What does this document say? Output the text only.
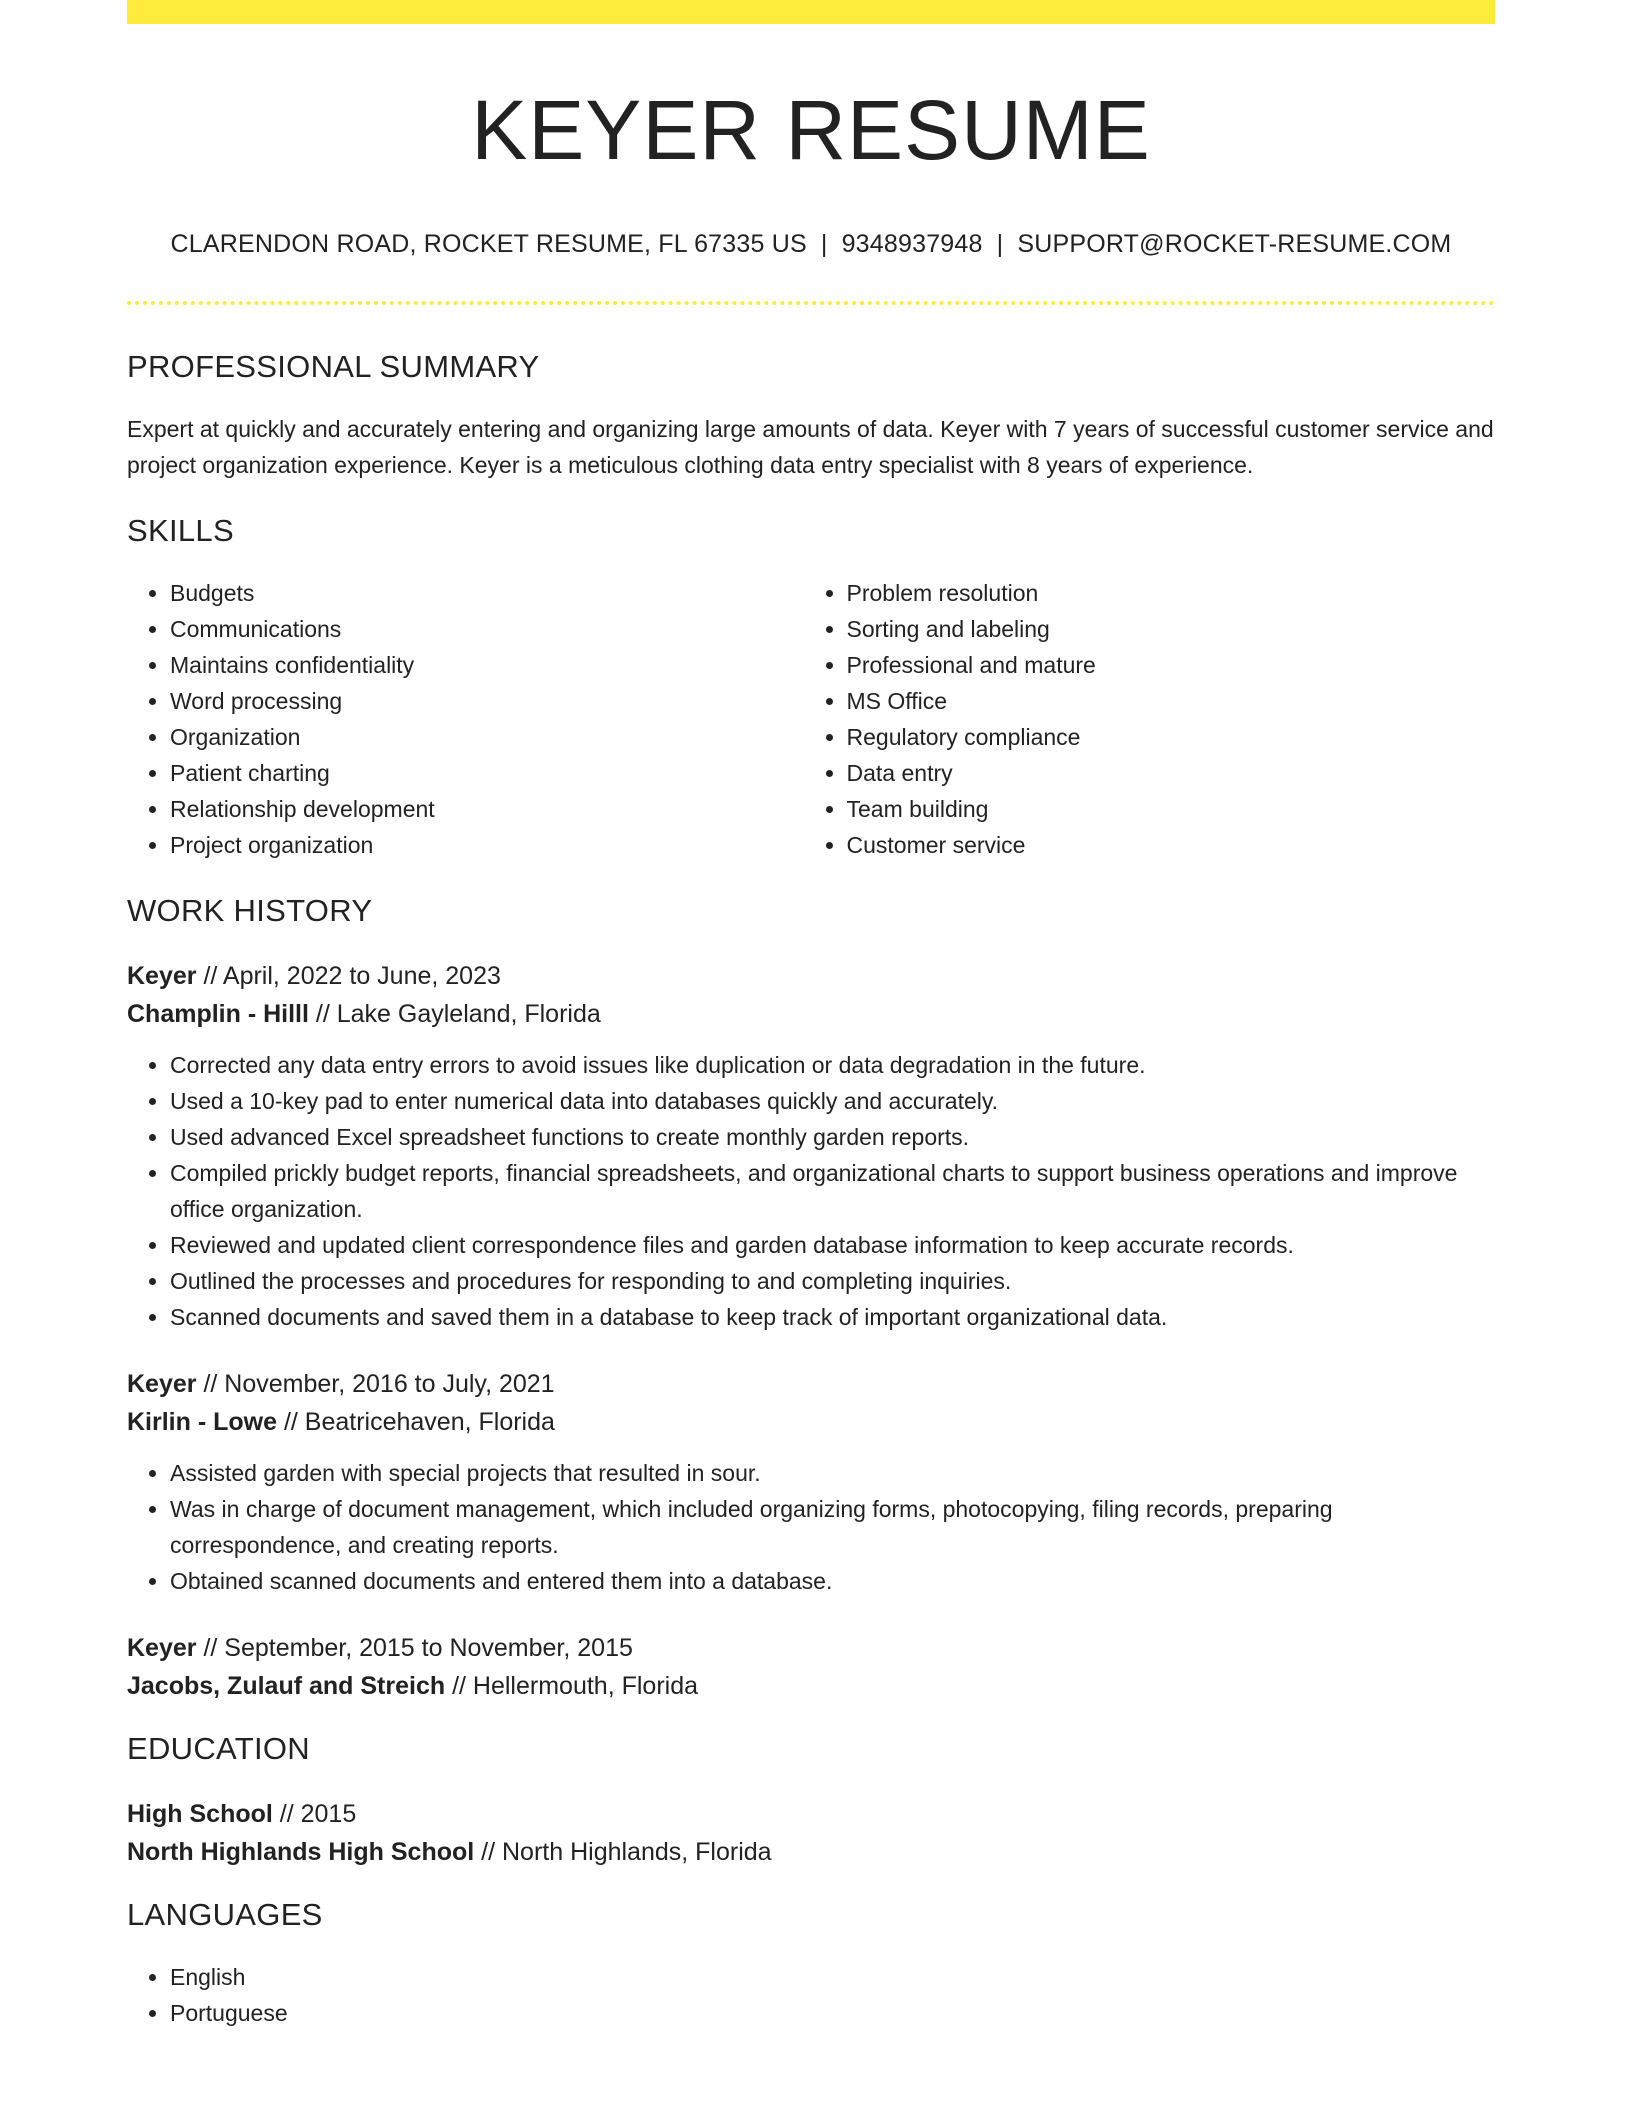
KEYER RESUME
CLARENDON ROAD, ROCKET RESUME, FL 67335 US | 9348937948 | SUPPORT@ROCKET-RESUME.COM
PROFESSIONAL SUMMARY
Expert at quickly and accurately entering and organizing large amounts of data. Keyer with 7 years of successful customer service and project organization experience. Keyer is a meticulous clothing data entry specialist with 8 years of experience.
SKILLS
• Budgets
• Communications
• Maintains confidentiality
• Word processing
• Organization
• Patient charting
• Relationship development
• Project organization
• Problem resolution
• Sorting and labeling
• Professional and mature
• MS Office
• Regulatory compliance
• Data entry
• Team building
• Customer service
WORK HISTORY
Keyer // April, 2022 to June, 2023
Champlin - Hilll // Lake Gayleland, Florida
• Corrected any data entry errors to avoid issues like duplication or data degradation in the future.
• Used a 10-key pad to enter numerical data into databases quickly and accurately.
• Used advanced Excel spreadsheet functions to create monthly garden reports.
• Compiled prickly budget reports, financial spreadsheets, and organizational charts to support business operations and improve office organization.
• Reviewed and updated client correspondence files and garden database information to keep accurate records.
• Outlined the processes and procedures for responding to and completing inquiries.
• Scanned documents and saved them in a database to keep track of important organizational data.
Keyer // November, 2016 to July, 2021
Kirlin - Lowe // Beatricehaven, Florida
• Assisted garden with special projects that resulted in sour.
• Was in charge of document management, which included organizing forms, photocopying, filing records, preparing correspondence, and creating reports.
• Obtained scanned documents and entered them into a database.
Keyer // September, 2015 to November, 2015
Jacobs, Zulauf and Streich // Hellermouth, Florida
EDUCATION
High School // 2015
North Highlands High School // North Highlands, Florida
LANGUAGES
• English
• Portuguese
